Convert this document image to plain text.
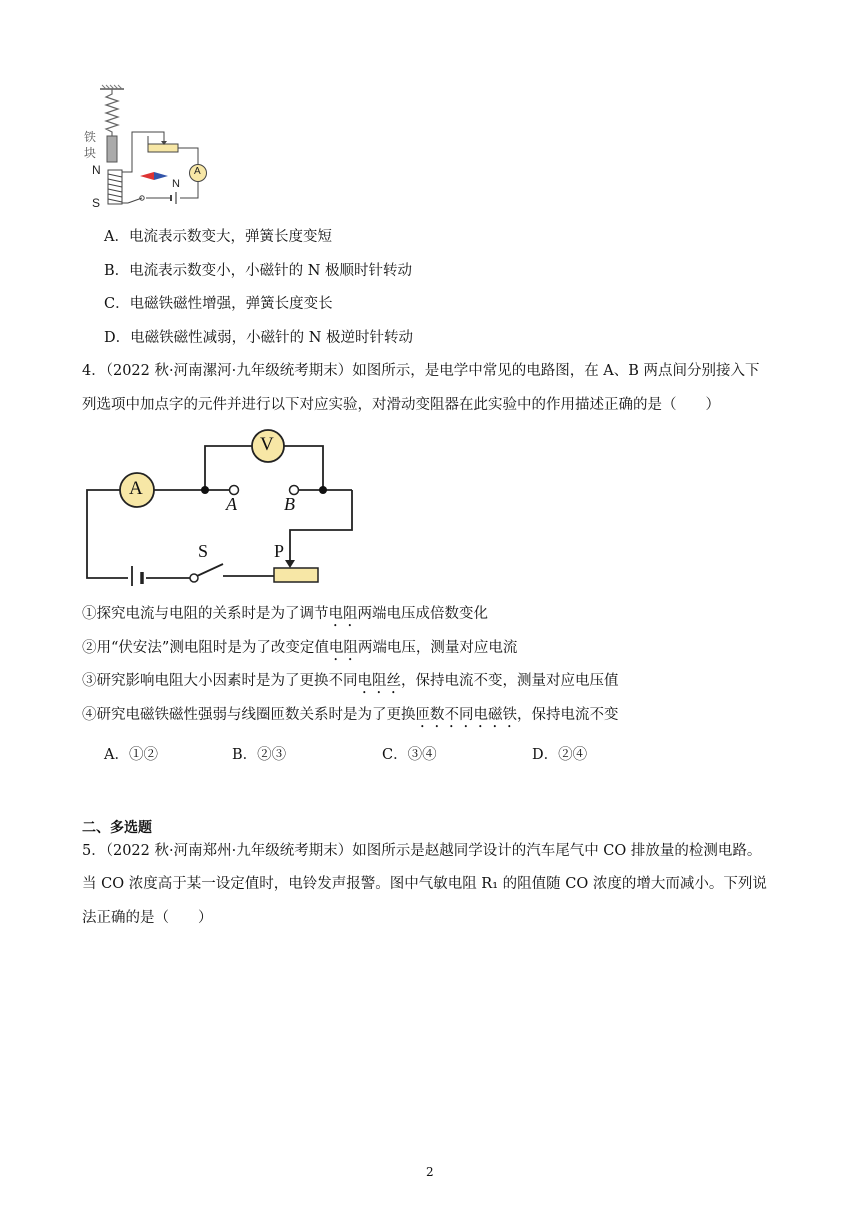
铁
块
N
S
N
A
A．电流表示数变大，弹簧长度变短
B．电流表示数变小，小磁针的 N 极顺时针转动
C．电磁铁磁性增强，弹簧长度变长
D．电磁铁磁性减弱，小磁针的 N 极逆时针转动
4．（2022 秋·河南漯河·九年级统考期末）如图所示，是电学中常见的电路图，在 A、B 两点间分别接入下
列选项中加点字的元件并进行以下对应实验，对滑动变阻器在此实验中的作用描述正确的是（　　）
A
V
A	B
S	P
①探究电流与电阻的关系时是为了调节电阻两端电压成倍数变化
②用“伏安法”测电阻时是为了改变定值电阻两端电压，测量对应电流
③研究影响电阻大小因素时是为了更换不同电阻丝，保持电流不变，测量对应电压值
④研究电磁铁磁性强弱与线圈匝数关系时是为了更换匝数不同电磁铁，保持电流不变
A．①②	B．②③	C．③④	D．②④
二、多选题
5．（2022 秋·河南郑州·九年级统考期末）如图所示是赵越同学设计的汽车尾气中 CO 排放量的检测电路。
当 CO 浓度高于某一设定值时，电铃发声报警。图中气敏电阻 R₁ 的阻值随 CO 浓度的增大而减小。下列说
法正确的是（　　）
2
